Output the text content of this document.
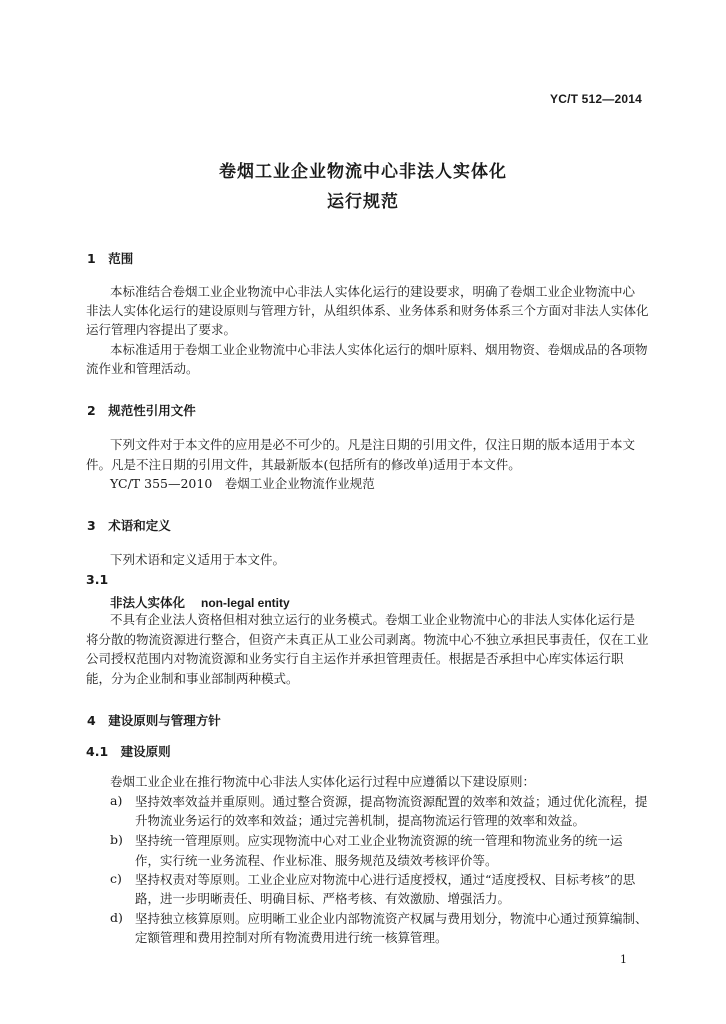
YC/T 512—2014
卷烟工业企业物流中心非法人实体化
运行规范
1　范围
本标准结合卷烟工业企业物流中心非法人实体化运行的建设要求，明确了卷烟工业企业物流中心
非法人实体化运行的建设原则与管理方针，从组织体系、业务体系和财务体系三个方面对非法人实体化
运行管理内容提出了要求。
本标准适用于卷烟工业企业物流中心非法人实体化运行的烟叶原料、烟用物资、卷烟成品的各项物
流作业和管理活动。
2　规范性引用文件
下列文件对于本文件的应用是必不可少的。凡是注日期的引用文件，仅注日期的版本适用于本文
件。凡是不注日期的引用文件，其最新版本(包括所有的修改单)适用于本文件。
YC/T 355—2010　卷烟工业企业物流作业规范
3　术语和定义
下列术语和定义适用于本文件。
3.1
非法人实体化 non-legal entity
不具有企业法人资格但相对独立运行的业务模式。卷烟工业企业物流中心的非法人实体化运行是
将分散的物流资源进行整合，但资产未真正从工业公司剥离。物流中心不独立承担民事责任，仅在工业
公司授权范围内对物流资源和业务实行自主运作并承担管理责任。根据是否承担中心库实体运行职
能，分为企业制和事业部制两种模式。
4　建设原则与管理方针
4.1　建设原则
卷烟工业企业在推行物流中心非法人实体化运行过程中应遵循以下建设原则：
a) 坚持效率效益并重原则。通过整合资源，提高物流资源配置的效率和效益；通过优化流程，提
升物流业务运行的效率和效益；通过完善机制，提高物流运行管理的效率和效益。
b) 坚持统一管理原则。应实现物流中心对工业企业物流资源的统一管理和物流业务的统一运
作，实行统一业务流程、作业标准、服务规范及绩效考核评价等。
c) 坚持权责对等原则。工业企业应对物流中心进行适度授权，通过“适度授权、目标考核”的思
路，进一步明晰责任、明确目标、严格考核、有效激励、增强活力。
d) 坚持独立核算原则。应明晰工业企业内部物流资产权属与费用划分，物流中心通过预算编制、
定额管理和费用控制对所有物流费用进行统一核算管理。
1
